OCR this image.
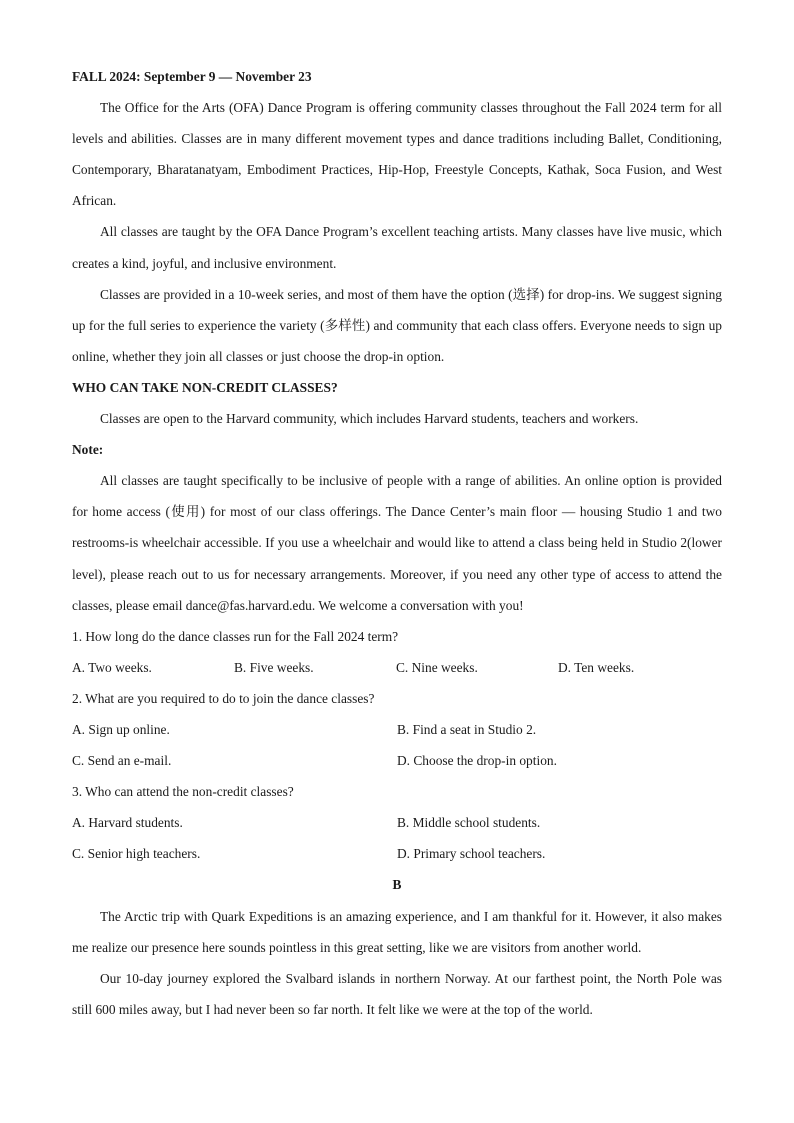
FALL 2024: September 9 — November 23

The Office for the Arts (OFA) Dance Program is offering community classes throughout the Fall 2024 term for all levels and abilities. Classes are in many different movement types and dance traditions including Ballet, Conditioning, Contemporary, Bharatanatyam, Embodiment Practices, Hip-Hop, Freestyle Concepts, Kathak, Soca Fusion, and West African.

All classes are taught by the OFA Dance Program’s excellent teaching artists. Many classes have live music, which creates a kind, joyful, and inclusive environment.

Classes are provided in a 10-week series, and most of them have the option (选择) for drop-ins. We suggest signing up for the full series to experience the variety (多样性) and community that each class offers. Everyone needs to sign up online, whether they join all classes or just choose the drop-in option.

WHO CAN TAKE NON-CREDIT CLASSES?

Classes are open to the Harvard community, which includes Harvard students, teachers and workers.

Note:

All classes are taught specifically to be inclusive of people with a range of abilities. An online option is provided for home access (使用) for most of our class offerings. The Dance Center’s main floor — housing Studio 1 and two restrooms-is wheelchair accessible. If you use a wheelchair and would like to attend a class being held in Studio 2(lower level), please reach out to us for necessary arrangements. Moreover, if you need any other type of access to attend the classes, please email dance@fas.harvard.edu. We welcome a conversation with you!

1. How long do the dance classes run for the Fall 2024 term?

A. Two weeks.	B. Five weeks.	C. Nine weeks.	D. Ten weeks.

2. What are you required to do to join the dance classes?

A. Sign up online.	B. Find a seat in Studio 2.
C. Send an e-mail.	D. Choose the drop-in option.

3. Who can attend the non-credit classes?

A. Harvard students.	B. Middle school students.
C. Senior high teachers.	D. Primary school teachers.

B

The Arctic trip with Quark Expeditions is an amazing experience, and I am thankful for it. However, it also makes me realize our presence here sounds pointless in this great setting, like we are visitors from another world.

Our 10-day journey explored the Svalbard islands in northern Norway. At our farthest point, the North Pole was still 600 miles away, but I had never been so far north. It felt like we were at the top of the world.
